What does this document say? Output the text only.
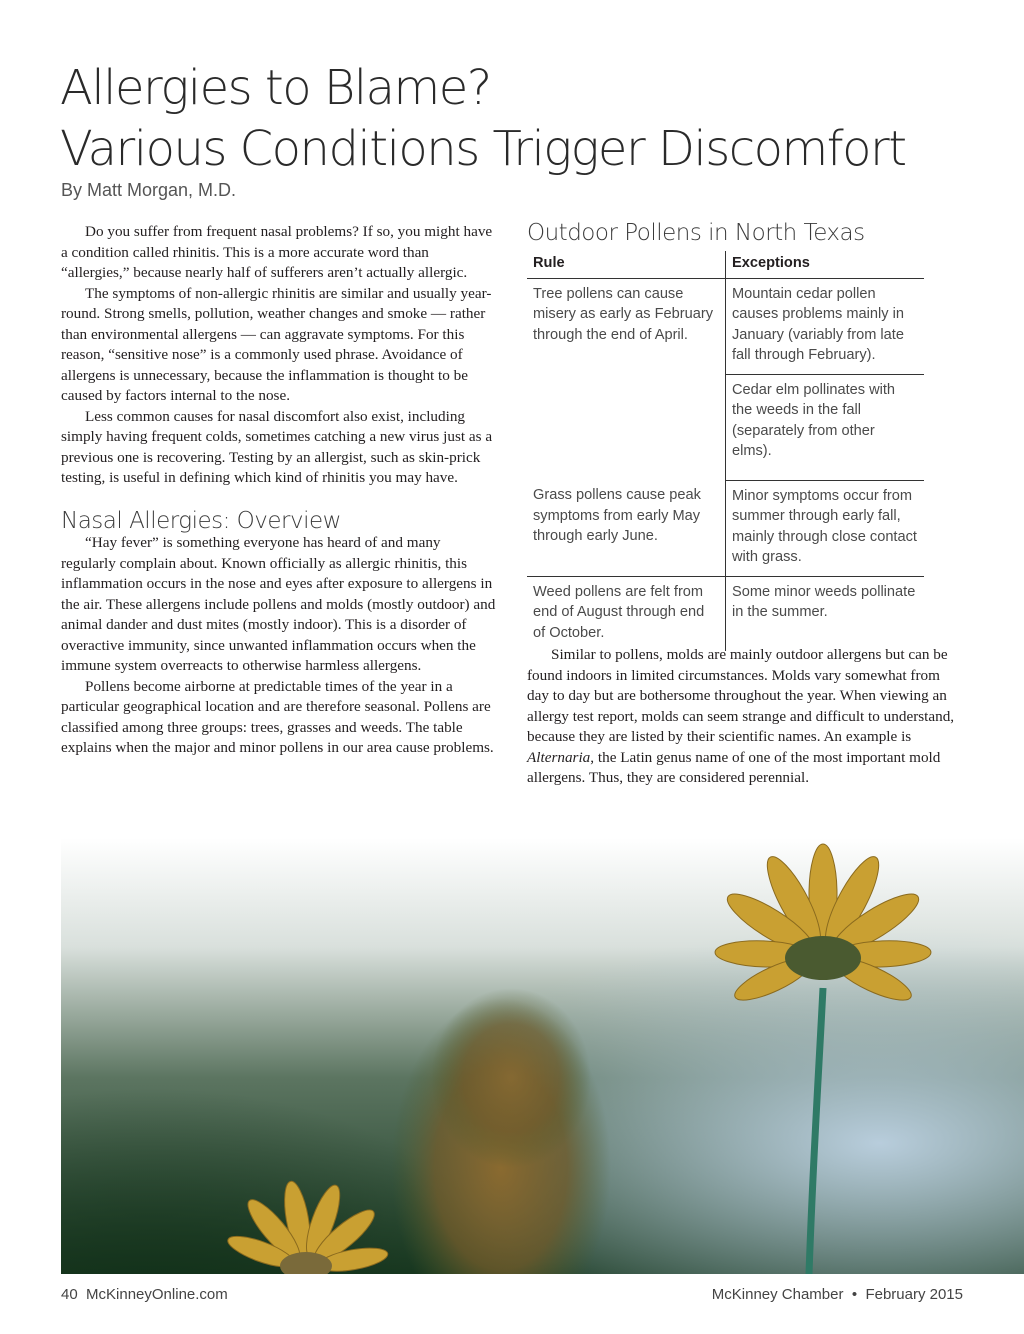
Allergies to Blame?
Various Conditions Trigger Discomfort
By Matt Morgan, M.D.

Do you suffer from frequent nasal problems? If so, you might have a condition called rhinitis. This is a more accurate word than “allergies,” because nearly half of sufferers aren’t actually allergic.

The symptoms of non-allergic rhinitis are similar and usually year-round. Strong smells, pollution, weather changes and smoke — rather than environmental allergens — can aggravate symptoms. For this reason, “sensitive nose” is a commonly used phrase. Avoidance of allergens is unnecessary, because the inflammation is thought to be caused by factors internal to the nose.

Less common causes for nasal discomfort also exist, including simply having frequent colds, sometimes catching a new virus just as a previous one is recovering. Testing by an allergist, such as skin-prick testing, is useful in defining which kind of rhinitis you may have.

Nasal Allergies: Overview

“Hay fever” is something everyone has heard of and many regularly complain about. Known officially as allergic rhinitis, this inflammation occurs in the nose and eyes after exposure to allergens in the air. These allergens include pollens and molds (mostly outdoor) and animal dander and dust mites (mostly indoor). This is a disorder of overactive immunity, since unwanted inflammation occurs when the immune system overreacts to otherwise harmless allergens.

Pollens become airborne at predictable times of the year in a particular geographical location and are therefore seasonal. Pollens are classified among three groups: trees, grasses and weeds. The table explains when the major and minor pollens in our area cause problems.

Outdoor Pollens in North Texas
Rule	Exceptions
Tree pollens can cause misery as early as February through the end of April.	Mountain cedar pollen causes problems mainly in January (variably from late fall through February).
	Cedar elm pollinates with the weeds in the fall (separately from other elms).
Grass pollens cause peak symptoms from early May through early June.	Minor symptoms occur from summer through early fall, mainly through close contact with grass.
Weed pollens are felt from end of August through end of October.	Some minor weeds pollinate in the summer.

Similar to pollens, molds are mainly outdoor allergens but can be found indoors in limited circumstances. Molds vary somewhat from day to day but are bothersome throughout the year. When viewing an allergy test report, molds can seem strange and difficult to understand, because they are listed by their scientific names. An example is Alternaria, the Latin genus name of one of the most important mold allergens. Thus, they are considered perennial.

40 McKinneyOnline.com	McKinney Chamber • February 2015
